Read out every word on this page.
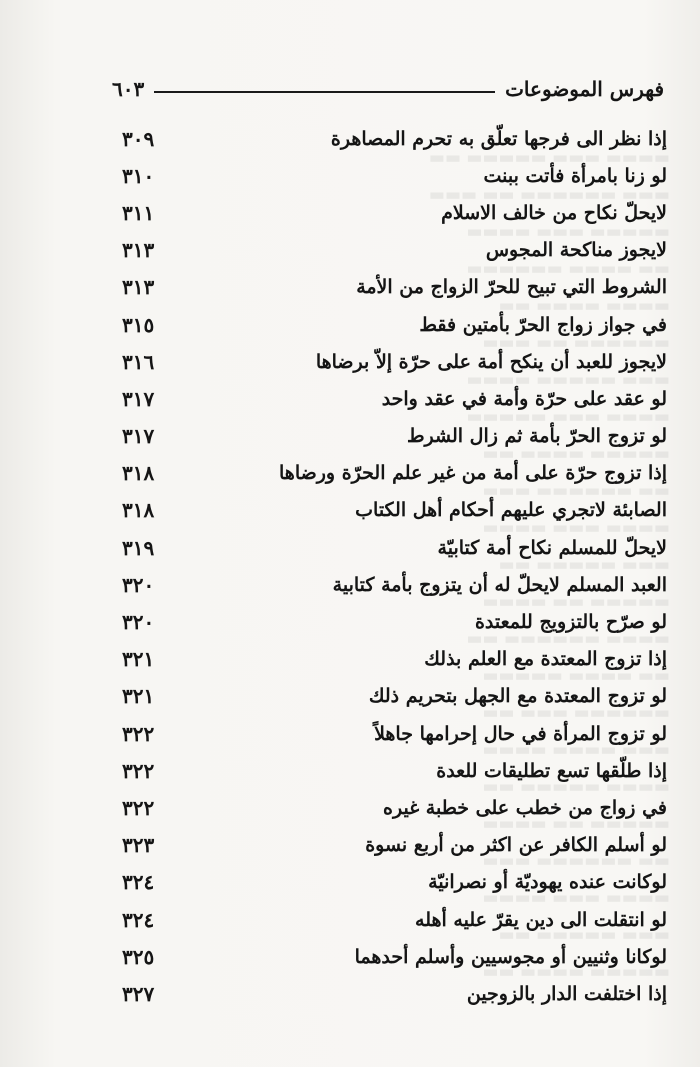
▬▬▬▬ ▬▬▬ ▬▬▬▬▬ ▬▬
▬▬▬ ▬▬▬▬▬▬ ▬▬ ▬▬▬
▬▬▬▬▬ ▬▬▬ ▬▬▬▬
▬▬ ▬▬▬▬ ▬▬▬▬▬▬
▬▬▬▬ ▬▬▬▬ ▬▬
▬▬▬▬▬▬ ▬▬ ▬▬▬
▬▬▬ ▬▬▬▬▬ ▬▬▬▬
▬▬▬▬ ▬▬▬ ▬▬▬▬▬
▬▬▬▬▬ ▬▬▬▬ ▬▬
▬▬ ▬▬▬▬▬▬ ▬▬▬
▬▬▬▬ ▬▬▬ ▬▬▬▬
▬▬▬ ▬▬▬▬▬ ▬▬
▬▬▬▬▬ ▬▬ ▬▬▬▬
▬▬▬▬ ▬▬▬▬▬▬ ▬▬
▬▬ ▬▬▬▬ ▬▬▬▬▬
▬▬▬▬▬▬ ▬▬▬ ▬▬
▬▬▬ ▬▬▬▬ ▬▬▬▬
▬▬▬▬ ▬▬▬▬▬ ▬▬
▬▬▬▬▬ ▬▬ ▬▬▬▬
▬▬ ▬▬▬▬▬▬ ▬▬▬
▬▬▬▬ ▬▬▬ ▬▬▬▬
▬▬▬ ▬▬▬▬▬ ▬▬
▬▬▬▬▬ ▬▬▬▬ ▬▬
فهرس الموضوعات
٦٠٣
إذا نظر الى فرجها تعلّق به تحرم المصاهرة
٣٠٩
لو زنا بامرأة فأتت ببنت
٣١٠
لايحلّ نكاح من خالف الاسلام
٣١١
لايجوز مناكحة المجوس
٣١٣
الشروط التي تبيح للحرّ الزواج من الأمة
٣١٣
في جواز زواج الحرّ بأمتين فقط
٣١٥
لايجوز للعبد أن ينكح أمة على حرّة إلاّ برضاها
٣١٦
لو عقد على حرّة وأمة في عقد واحد
٣١٧
لو تزوج الحرّ بأمة ثم زال الشرط
٣١٧
إذا تزوج حرّة على أمة من غير علم الحرّة ورضاها
٣١٨
الصابئة لاتجري عليهم أحكام أهل الكتاب
٣١٨
لايحلّ للمسلم نكاح أمة كتابيّة
٣١٩
العبد المسلم لايحلّ له أن يتزوج بأمة كتابية
٣٢٠
لو صرّح بالتزويج للمعتدة
٣٢٠
إذا تزوج المعتدة مع العلم بذلك
٣٢١
لو تزوج المعتدة مع الجهل بتحريم ذلك
٣٢١
لو تزوج المرأة في حال إحرامها جاهلاً
٣٢٢
إذا طلّقها تسع تطليقات للعدة
٣٢٢
في زواج من خطب على خطبة غيره
٣٢٢
لو أسلم الكافر عن اكثر من أربع نسوة
٣٢٣
لوكانت عنده يهوديّة أو نصرانيّة
٣٢٤
لو انتقلت الى دين يقرّ عليه أهله
٣٢٤
لوكانا وثنيين أو مجوسيين وأسلم أحدهما
٣٢٥
إذا اختلفت الدار بالزوجين
٣٢٧
